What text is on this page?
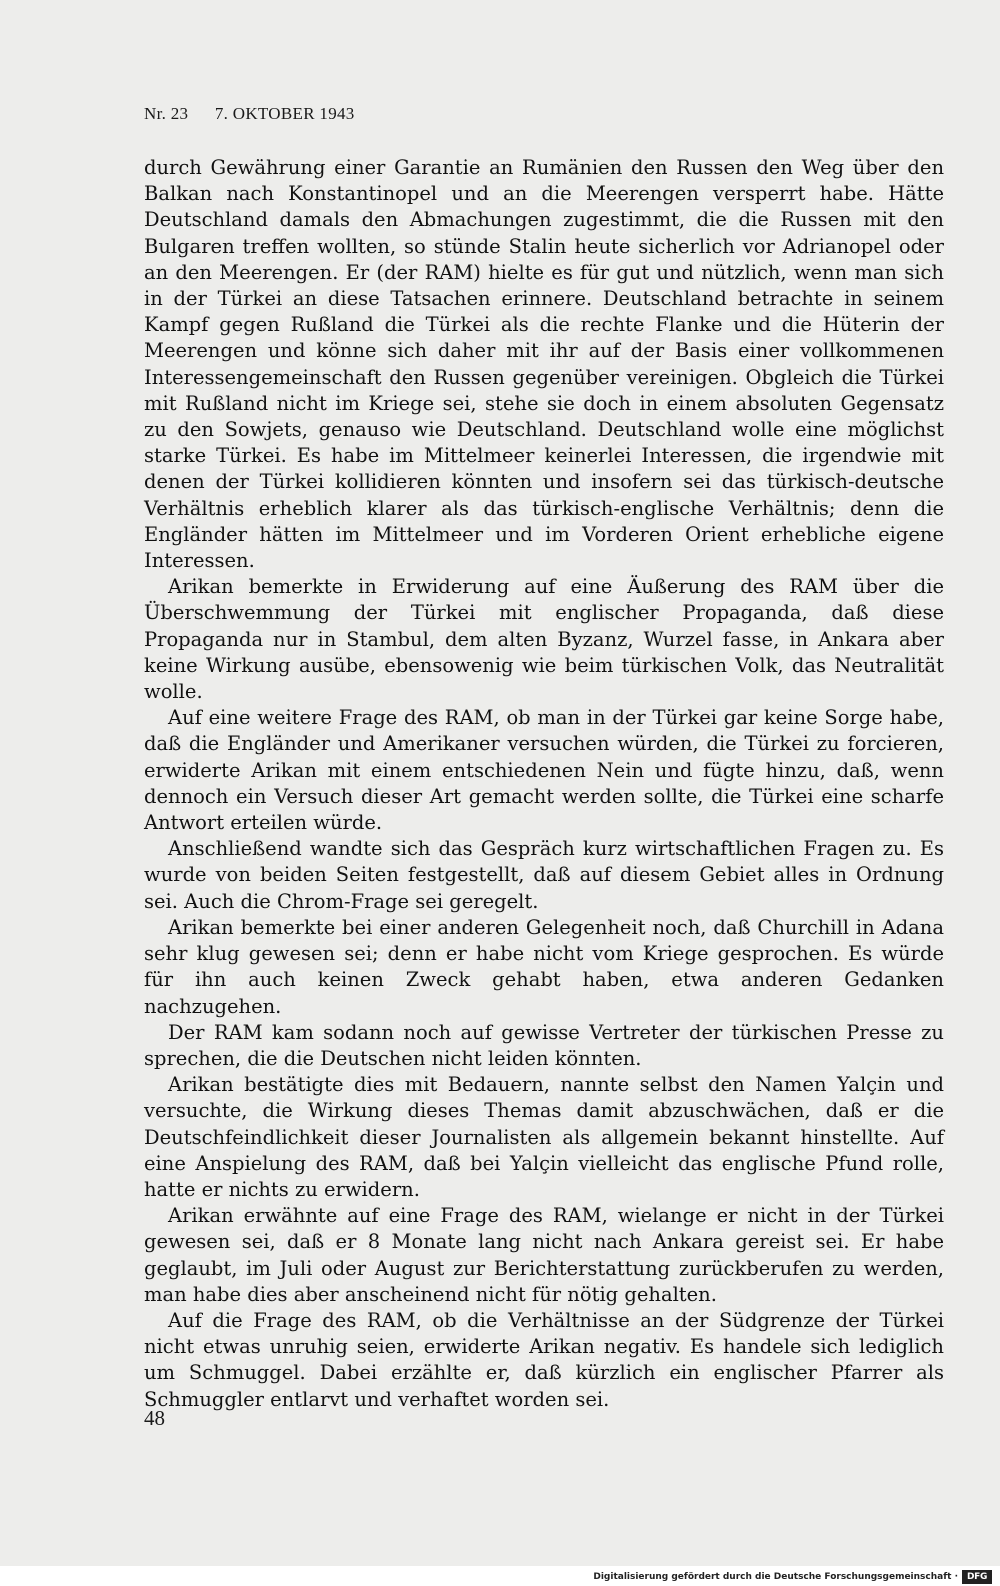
Nr. 23 7. OKTOBER 1943

durch Gewährung einer Garantie an Rumänien den Russen den Weg über den Balkan nach Konstantinopel und an die Meerengen versperrt habe. Hätte Deutschland damals den Abmachungen zugestimmt, die die Russen mit den Bulgaren treffen wollten, so stünde Stalin heute sicherlich vor Adrianopel oder an den Meerengen. Er (der RAM) hielte es für gut und nützlich, wenn man sich in der Türkei an diese Tatsachen erinnere. Deutschland betrachte in seinem Kampf gegen Rußland die Türkei als die rechte Flanke und die Hüterin der Meerengen und könne sich daher mit ihr auf der Basis einer vollkommenen Interessengemeinschaft den Russen gegenüber vereinigen. Obgleich die Türkei mit Rußland nicht im Kriege sei, stehe sie doch in einem absoluten Gegensatz zu den Sowjets, genauso wie Deutschland. Deutschland wolle eine möglichst starke Türkei. Es habe im Mittelmeer keinerlei Interessen, die irgendwie mit denen der Türkei kollidieren könnten und insofern sei das türkisch-deutsche Verhältnis erheblich klarer als das türkisch-englische Verhältnis; denn die Engländer hätten im Mittelmeer und im Vorderen Orient erhebliche eigene Interessen.

Arikan bemerkte in Erwiderung auf eine Äußerung des RAM über die Überschwemmung der Türkei mit englischer Propaganda, daß diese Propaganda nur in Stambul, dem alten Byzanz, Wurzel fasse, in Ankara aber keine Wirkung ausübe, ebensowenig wie beim türkischen Volk, das Neutralität wolle.

Auf eine weitere Frage des RAM, ob man in der Türkei gar keine Sorge habe, daß die Engländer und Amerikaner versuchen würden, die Türkei zu forcieren, erwiderte Arikan mit einem entschiedenen Nein und fügte hinzu, daß, wenn dennoch ein Versuch dieser Art gemacht werden sollte, die Türkei eine scharfe Antwort erteilen würde.

Anschließend wandte sich das Gespräch kurz wirtschaftlichen Fragen zu. Es wurde von beiden Seiten festgestellt, daß auf diesem Gebiet alles in Ordnung sei. Auch die Chrom-Frage sei geregelt.

Arikan bemerkte bei einer anderen Gelegenheit noch, daß Churchill in Adana sehr klug gewesen sei; denn er habe nicht vom Kriege gesprochen. Es würde für ihn auch keinen Zweck gehabt haben, etwa anderen Gedanken nachzugehen.

Der RAM kam sodann noch auf gewisse Vertreter der türkischen Presse zu sprechen, die die Deutschen nicht leiden könnten.

Arikan bestätigte dies mit Bedauern, nannte selbst den Namen Yalçin und versuchte, die Wirkung dieses Themas damit abzuschwächen, daß er die Deutschfeindlichkeit dieser Journalisten als allgemein bekannt hinstellte. Auf eine Anspielung des RAM, daß bei Yalçin vielleicht das englische Pfund rolle, hatte er nichts zu erwidern.

Arikan erwähnte auf eine Frage des RAM, wielange er nicht in der Türkei gewesen sei, daß er 8 Monate lang nicht nach Ankara gereist sei. Er habe geglaubt, im Juli oder August zur Berichterstattung zurückberufen zu werden, man habe dies aber anscheinend nicht für nötig gehalten.

Auf die Frage des RAM, ob die Verhältnisse an der Südgrenze der Türkei nicht etwas unruhig seien, erwiderte Arikan negativ. Es handele sich lediglich um Schmuggel. Dabei erzählte er, daß kürzlich ein englischer Pfarrer als Schmuggler entlarvt und verhaftet worden sei.

48
Digitalisierung gefördert durch die Deutsche Forschungsgemeinschaft · DFG
